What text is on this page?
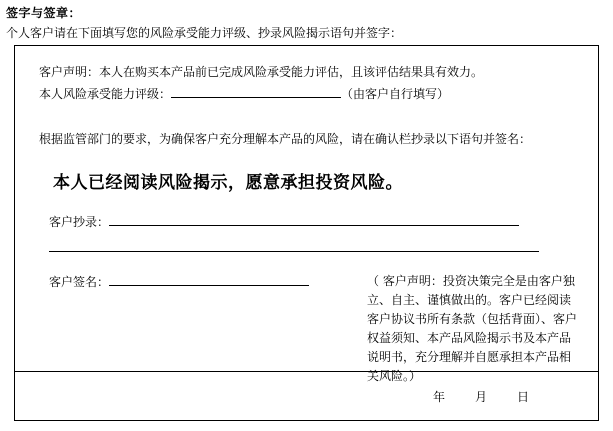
签字与签章：
个人客户请在下面填写您的风险承受能力评级、抄录风险揭示语句并签字：
客户声明：本人在购买本产品前已完成风险承受能力评估，且该评估结果具有效力。
本人风险承受能力评级：	（由客户自行填写）
根据监管部门的要求，为确保客户充分理解本产品的风险，请在确认栏抄录以下语句并签名：
本人已经阅读风险揭示，愿意承担投资风险。
客户抄录：
客户签名：	（ 客户声明：投资决策完全是由客户独立、自主、谨慎做出的。客户已经阅读客户协议书所有条款（包括背面）、客户权益须知、本产品风险揭示书及本产品说明书，充分理解并自愿承担本产品相关风险。）
年月日
